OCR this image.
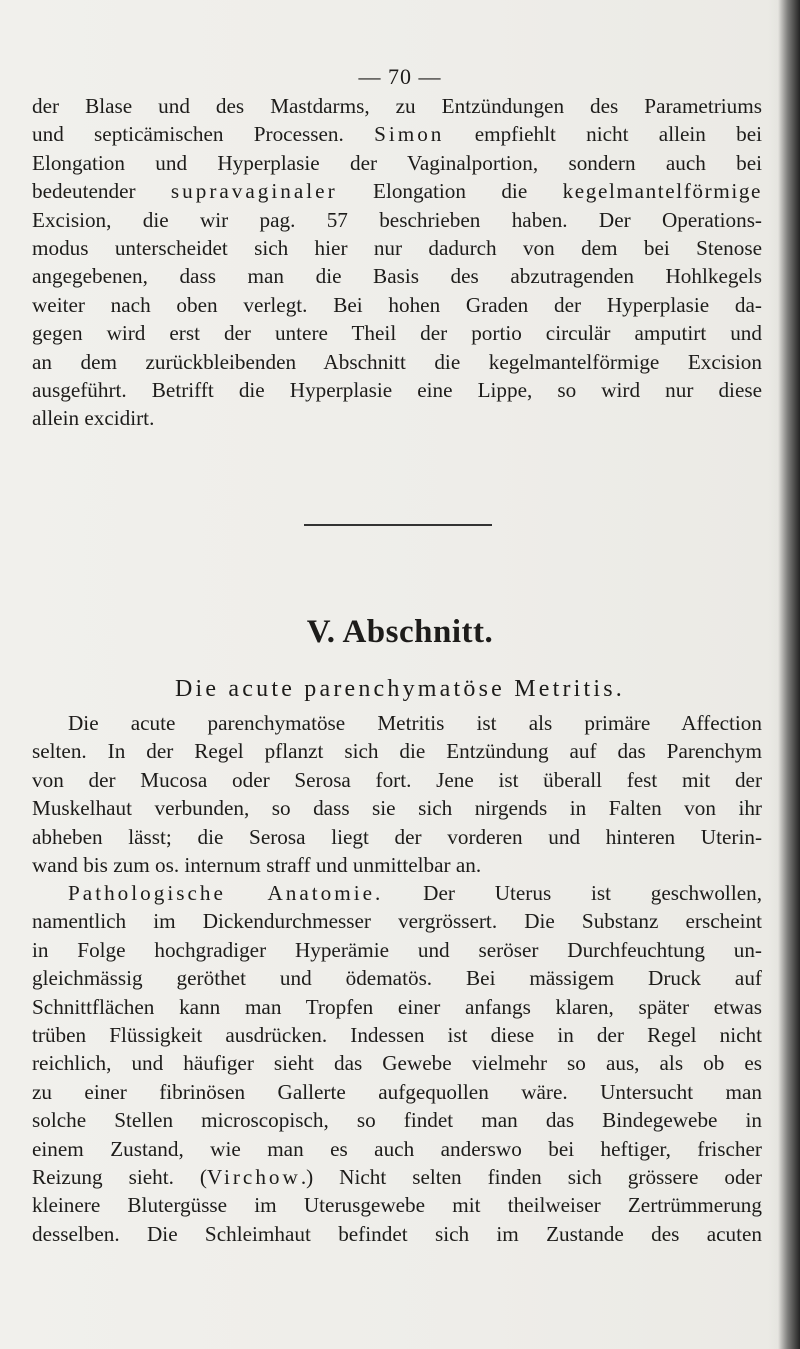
— 70 —
der Blase und des Mastdarms, zu Entzündungen des Parametriums
und septicämischen Processen. Simon empfiehlt nicht allein bei
Elongation und Hyperplasie der Vaginalportion, sondern auch bei
bedeutender supravaginaler Elongation die kegelmantelförmige
Excision, die wir pag. 57 beschrieben haben. Der Operations-
modus unterscheidet sich hier nur dadurch von dem bei Stenose
angegebenen, dass man die Basis des abzutragenden Hohlkegels
weiter nach oben verlegt. Bei hohen Graden der Hyperplasie da-
gegen wird erst der untere Theil der portio circulär amputirt und
an dem zurückbleibenden Abschnitt die kegelmantelförmige Excision
ausgeführt. Betrifft die Hyperplasie eine Lippe, so wird nur diese
allein excidirt.
V. Abschnitt.
Die acute parenchymatöse Metritis.
Die acute parenchymatöse Metritis ist als primäre Affection
selten. In der Regel pflanzt sich die Entzündung auf das Parenchym
von der Mucosa oder Serosa fort. Jene ist überall fest mit der
Muskelhaut verbunden, so dass sie sich nirgends in Falten von ihr
abheben lässt; die Serosa liegt der vorderen und hinteren Uterin-
wand bis zum os. internum straff und unmittelbar an.
Pathologische Anatomie. Der Uterus ist geschwollen,
namentlich im Dickendurchmesser vergrössert. Die Substanz erscheint
in Folge hochgradiger Hyperämie und seröser Durchfeuchtung un-
gleichmässig geröthet und ödematös. Bei mässigem Druck auf
Schnittflächen kann man Tropfen einer anfangs klaren, später etwas
trüben Flüssigkeit ausdrücken. Indessen ist diese in der Regel nicht
reichlich, und häufiger sieht das Gewebe vielmehr so aus, als ob es
zu einer fibrinösen Gallerte aufgequollen wäre. Untersucht man
solche Stellen microscopisch, so findet man das Bindegewebe in
einem Zustand, wie man es auch anderswo bei heftiger, frischer
Reizung sieht. (Virchow.) Nicht selten finden sich grössere oder
kleinere Blutergüsse im Uterusgewebe mit theilweiser Zertrümmerung
desselben. Die Schleimhaut befindet sich im Zustande des acuten
